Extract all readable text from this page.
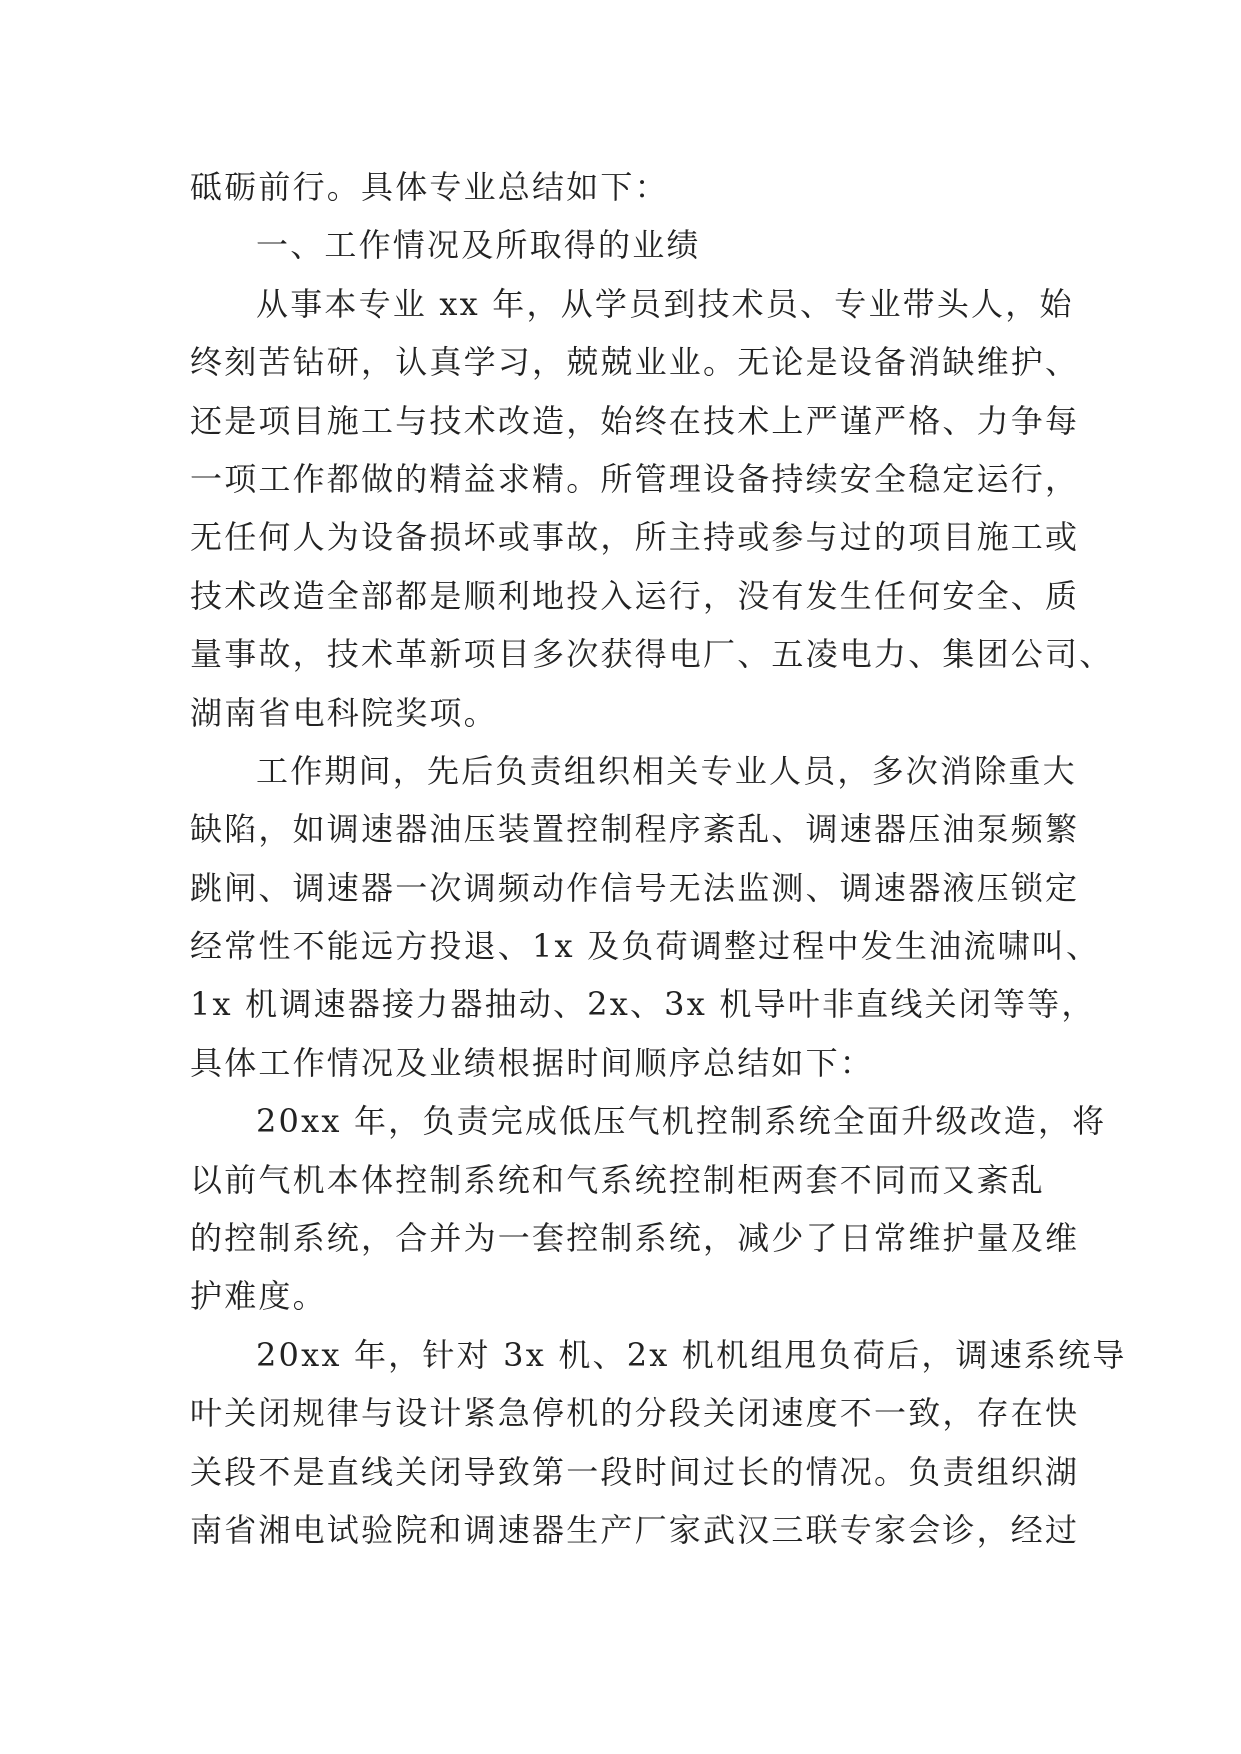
砥砺前行。具体专业总结如下：
一、工作情况及所取得的业绩
从事本专业 xx 年，从学员到技术员、专业带头人，始
终刻苦钻研，认真学习，兢兢业业。无论是设备消缺维护、
还是项目施工与技术改造，始终在技术上严谨严格、力争每
一项工作都做的精益求精。所管理设备持续安全稳定运行，
无任何人为设备损坏或事故，所主持或参与过的项目施工或
技术改造全部都是顺利地投入运行，没有发生任何安全、质
量事故，技术革新项目多次获得电厂、五凌电力、集团公司、
湖南省电科院奖项。
工作期间，先后负责组织相关专业人员，多次消除重大
缺陷，如调速器油压装置控制程序紊乱、调速器压油泵频繁
跳闸、调速器一次调频动作信号无法监测、调速器液压锁定
经常性不能远方投退、1x 及负荷调整过程中发生油流啸叫、
1x 机调速器接力器抽动、2x、3x 机导叶非直线关闭等等，
具体工作情况及业绩根据时间顺序总结如下：
20xx 年，负责完成低压气机控制系统全面升级改造，将
以前气机本体控制系统和气系统控制柜两套不同而又紊乱
的控制系统，合并为一套控制系统，减少了日常维护量及维
护难度。
20xx 年，针对 3x 机、2x 机机组甩负荷后，调速系统导
叶关闭规律与设计紧急停机的分段关闭速度不一致，存在快
关段不是直线关闭导致第一段时间过长的情况。负责组织湖
南省湘电试验院和调速器生产厂家武汉三联专家会诊，经过
